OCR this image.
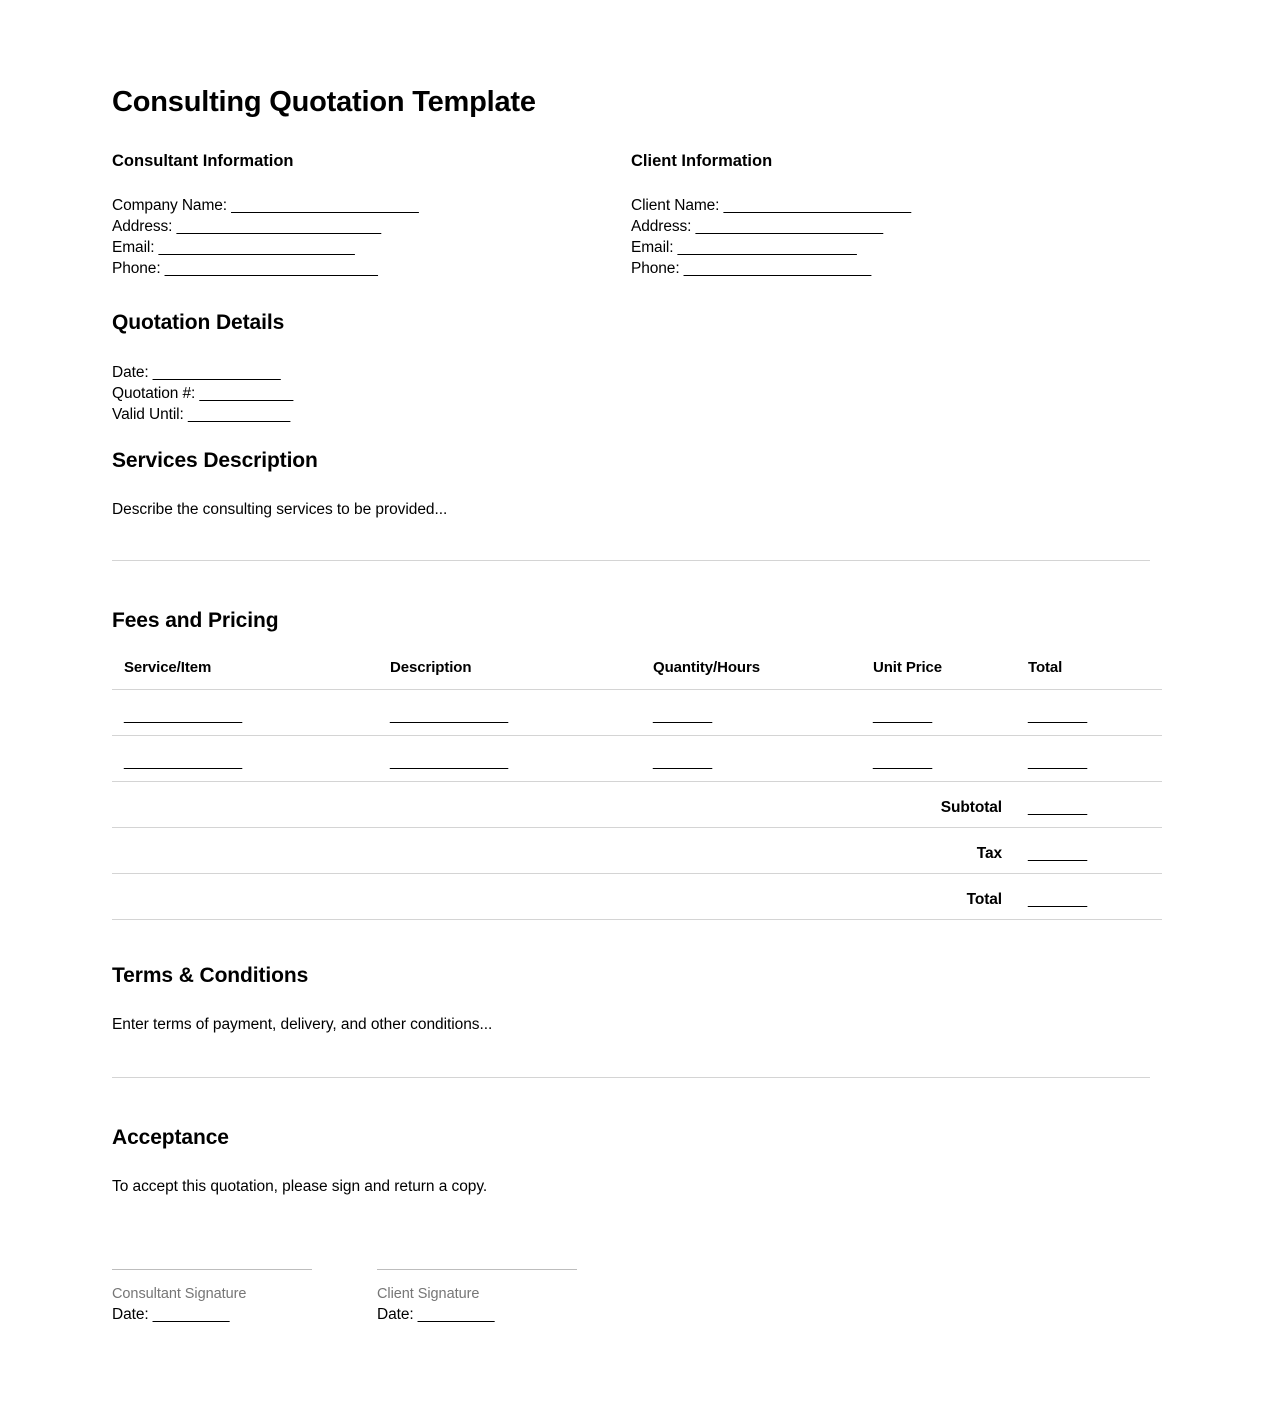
Consulting Quotation Template
Consultant Information
Company Name: ______________________
Address: ________________________
Email: _______________________
Phone: _________________________
Client Information
Client Name: ______________________
Address: ______________________
Email: _____________________
Phone: ______________________
Quotation Details
Date: _______________
Quotation #: ___________
Valid Until: ____________
Services Description

Describe the consulting services to be provided...

Fees and Pricing
Service/Item	Description	Quantity/Hours	Unit Price	Total
______________	______________	_______	_______	_______
______________	______________	_______	_______	_______
			Subtotal	_______
			Tax	_______
			Total	_______
Terms & Conditions

Enter terms of payment, delivery, and other conditions...

Acceptance

To accept this quotation, please sign and return a copy.

Consultant Signature
Date: _________
Client Signature
Date: _________
